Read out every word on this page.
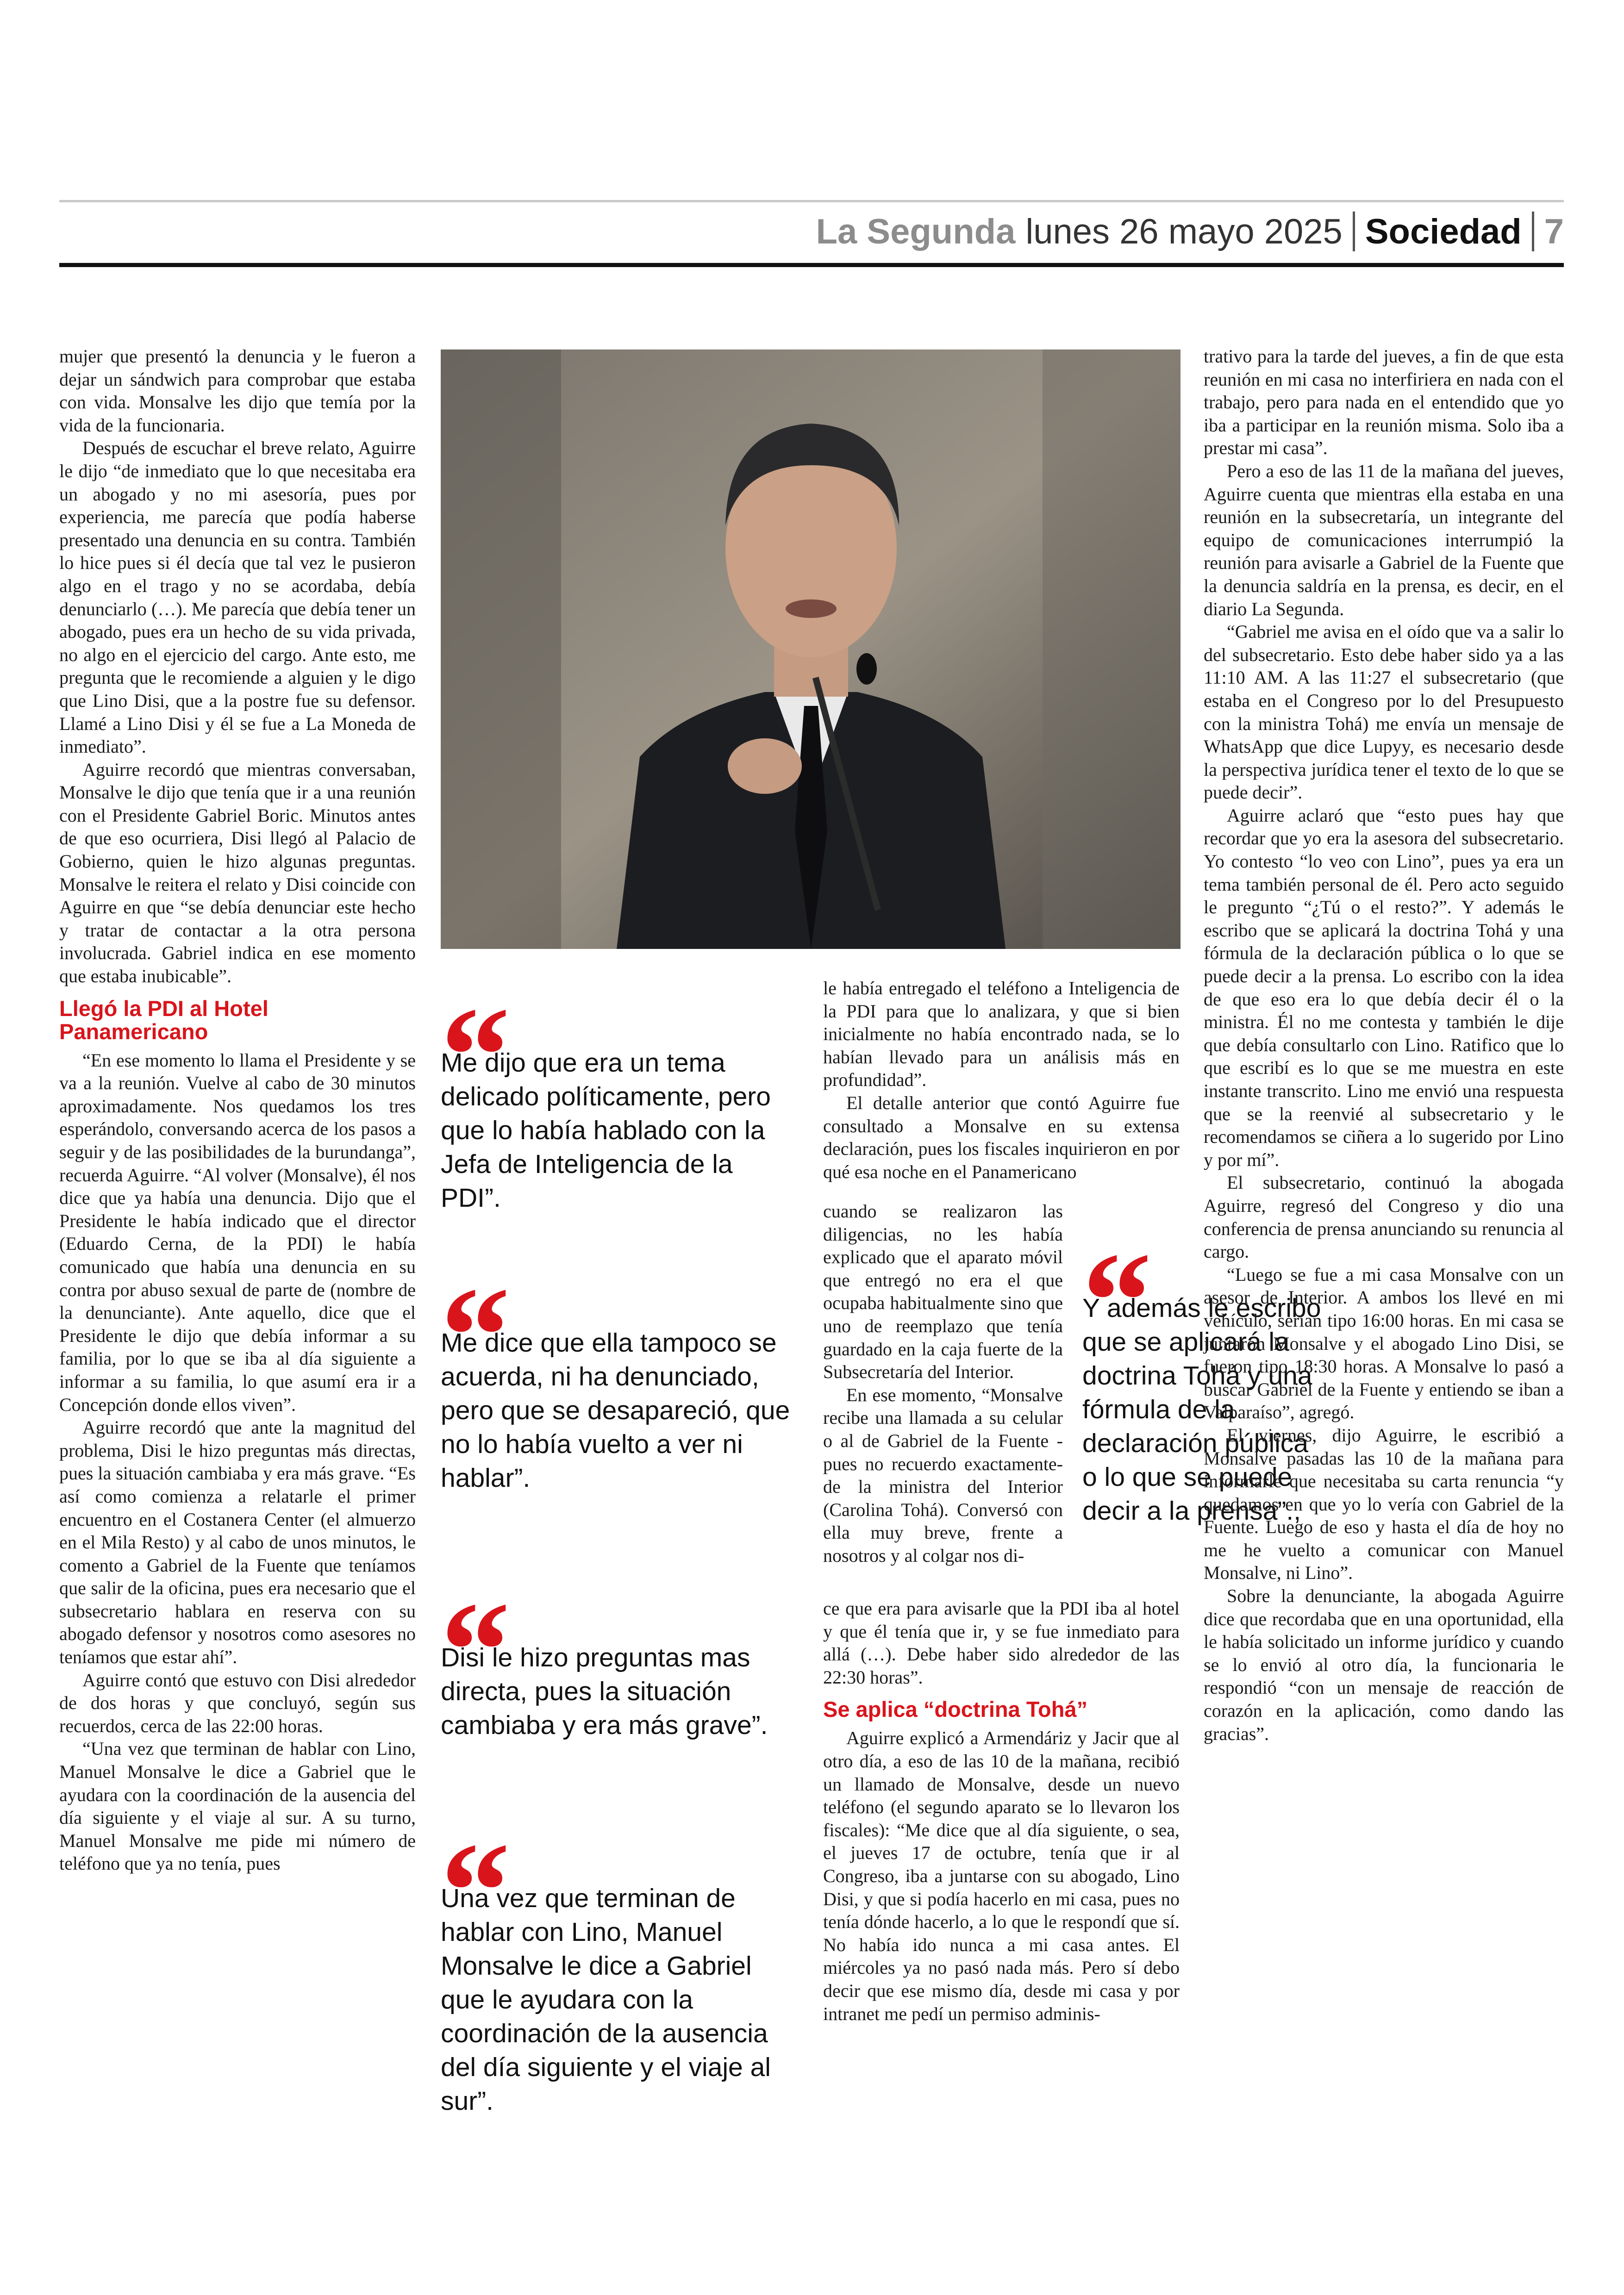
La Segunda lunes 26 mayo 2025 Sociedad 7

mujer que presentó la denuncia y le fueron a dejar un sándwich para comprobar que estaba con vida. Monsalve les dijo que temía por la vida de la funcionaria.

Después de escuchar el breve relato, Aguirre le dijo “de inmediato que lo que necesitaba era un abogado y no mi asesoría, pues por experiencia, me parecía que podía haberse presentado una denuncia en su contra. También lo hice pues si él decía que tal vez le pusieron algo en el trago y no se acordaba, debía denunciarlo (…). Me parecía que debía tener un abogado, pues era un hecho de su vida privada, no algo en el ejercicio del cargo. Ante esto, me pregunta que le recomiende a alguien y le digo que Lino Disi, que a la postre fue su defensor. Llamé a Lino Disi y él se fue a La Moneda de inmediato”.

Aguirre recordó que mientras conversaban, Monsalve le dijo que tenía que ir a una reunión con el Presidente Gabriel Boric. Minutos antes de que eso ocurriera, Disi llegó al Palacio de Gobierno, quien le hizo algunas preguntas. Monsalve le reitera el relato y Disi coincide con Aguirre en que “se debía denunciar este hecho y tratar de contactar a la otra persona involucrada. Gabriel indica en ese momento que estaba inubicable”.

Llegó la PDI al Hotel Panamericano

“En ese momento lo llama el Presidente y se va a la reunión. Vuelve al cabo de 30 minutos aproximadamente. Nos quedamos los tres esperándolo, conversando acerca de los pasos a seguir y de las posibilidades de la burundanga”, recuerda Aguirre. “Al volver (Monsalve), él nos dice que ya había una denuncia. Dijo que el Presidente le había indicado que el director (Eduardo Cerna, de la PDI) le había comunicado que había una denuncia en su contra por abuso sexual de parte de (nombre de la denunciante). Ante aquello, dice que el Presidente le dijo que debía informar a su familia, por lo que se iba al día siguiente a informar a su familia, lo que asumí era ir a Concepción donde ellos viven”.

Aguirre recordó que ante la magnitud del problema, Disi le hizo preguntas más directas, pues la situación cambiaba y era más grave. “Es así como comienza a relatarle el primer encuentro en el Costanera Center (el almuerzo en el Mila Resto) y al cabo de unos minutos, le comento a Gabriel de la Fuente que teníamos que salir de la oficina, pues era necesario que el subsecretario hablara en reserva con su abogado defensor y nosotros como asesores no teníamos que estar ahí”.

Aguirre contó que estuvo con Disi alrededor de dos horas y que concluyó, según sus recuerdos, cerca de las 22:00 horas.

“Una vez que terminan de hablar con Lino, Manuel Monsalve le dice a Gabriel que le ayudara con la coordinación de la ausencia del día siguiente y el viaje al sur. A su turno, Manuel Monsalve me pide mi número de teléfono que ya no tenía, pues

“
Me dijo que era un tema delicado políticamente, pero que lo había hablado con la Jefa de Inteligencia de la PDI”.
“
Me dice que ella tampoco se acuerda, ni ha denunciado, pero que se desapareció, que no lo había vuelto a ver ni hablar”.
“
Disi le hizo preguntas mas directa, pues la situación cambiaba y era más grave”.
“
Una vez que terminan de hablar con Lino, Manuel Monsalve le dice a Gabriel que le ayudara con la coordinación de la ausencia del día siguiente y el viaje al sur”.
“
Y además le escribo que se aplicará la doctrina Tohá y una fórmula de la declaración pública o lo que se puede decir a la prensa”.,

le había entregado el teléfono a Inteligencia de la PDI para que lo analizara, y que si bien inicialmente no había encontrado nada, se lo habían llevado para un análisis más en profundidad”.

El detalle anterior que contó Aguirre fue consultado a Monsalve en su extensa declaración, pues los fiscales inquirieron en por qué esa noche en el Panamericano

cuando se realizaron las diligencias, no les había explicado que el aparato móvil que entregó no era el que ocupaba habitualmente sino que uno de reemplazo que tenía guardado en la caja fuerte de la Subsecretaría del Interior.

En ese momento, “Monsalve recibe una llamada a su celular o al de Gabriel de la Fuente -pues no recuerdo exactamente- de la ministra del Interior (Carolina Tohá). Conversó con ella muy breve, frente a nosotros y al colgar nos di-

ce que era para avisarle que la PDI iba al hotel y que él tenía que ir, y se fue inmediato para allá (…). Debe haber sido alrededor de las 22:30 horas”.

Se aplica “doctrina Tohá”

Aguirre explicó a Armendáriz y Jacir que al otro día, a eso de las 10 de la mañana, recibió un llamado de Monsalve, desde un nuevo teléfono (el segundo aparato se lo llevaron los fiscales): “Me dice que al día siguiente, o sea, el jueves 17 de octubre, tenía que ir al Congreso, iba a juntarse con su abogado, Lino Disi, y que si podía hacerlo en mi casa, pues no tenía dónde hacerlo, a lo que le respondí que sí. No había ido nunca a mi casa antes. El miércoles ya no pasó nada más. Pero sí debo decir que ese mismo día, desde mi casa y por intranet me pedí un permiso adminis-

trativo para la tarde del jueves, a fin de que esta reunión en mi casa no interfiriera en nada con el trabajo, pero para nada en el entendido que yo iba a participar en la reunión misma. Solo iba a prestar mi casa”.

Pero a eso de las 11 de la mañana del jueves, Aguirre cuenta que mientras ella estaba en una reunión en la subsecretaría, un integrante del equipo de comunicaciones interrumpió la reunión para avisarle a Gabriel de la Fuente que la denuncia saldría en la prensa, es decir, en el diario La Segunda.

“Gabriel me avisa en el oído que va a salir lo del subsecretario. Esto debe haber sido ya a las 11:10 AM. A las 11:27 el subsecretario (que estaba en el Congreso por lo del Presupuesto con la ministra Tohá) me envía un mensaje de WhatsApp que dice Lupyy, es necesario desde la perspectiva jurídica tener el texto de lo que se puede decir”.

Aguirre aclaró que “esto pues hay que recordar que yo era la asesora del subsecretario. Yo contesto “lo veo con Lino”, pues ya era un tema también personal de él. Pero acto seguido le pregunto “¿Tú o el resto?”. Y además le escribo que se aplicará la doctrina Tohá y una fórmula de la declaración pública o lo que se puede decir a la prensa. Lo escribo con la idea de que eso era lo que debía decir él o la ministra. Él no me contesta y también le dije que debía consultarlo con Lino. Ratifico que lo que escribí es lo que se me muestra en este instante transcrito. Lino me envió una respuesta que se la reenvié al subsecretario y le recomendamos se ciñera a lo sugerido por Lino y por mí”.

El subsecretario, continuó la abogada Aguirre, regresó del Congreso y dio una conferencia de prensa anunciando su renuncia al cargo.

“Luego se fue a mi casa Monsalve con un asesor de Interior. A ambos los llevé en mi vehículo, serían tipo 16:00 horas. En mi casa se juntaron Monsalve y el abogado Lino Disi, se fueron tipo 18:30 horas. A Monsalve lo pasó a buscar Gabriel de la Fuente y entiendo se iban a Valparaíso”, agregó.

El viernes, dijo Aguirre, le escribió a Monsalve pasadas las 10 de la mañana para informarle que necesitaba su carta renuncia “y quedamos en que yo lo vería con Gabriel de la Fuente. Luego de eso y hasta el día de hoy no me he vuelto a comunicar con Manuel Monsalve, ni Lino”.

Sobre la denunciante, la abogada Aguirre dice que recordaba que en una oportunidad, ella le había solicitado un informe jurídico y cuando se lo envió al otro día, la funcionaria le respondió “con un mensaje de reacción de corazón en la aplicación, como dando las gracias”.
